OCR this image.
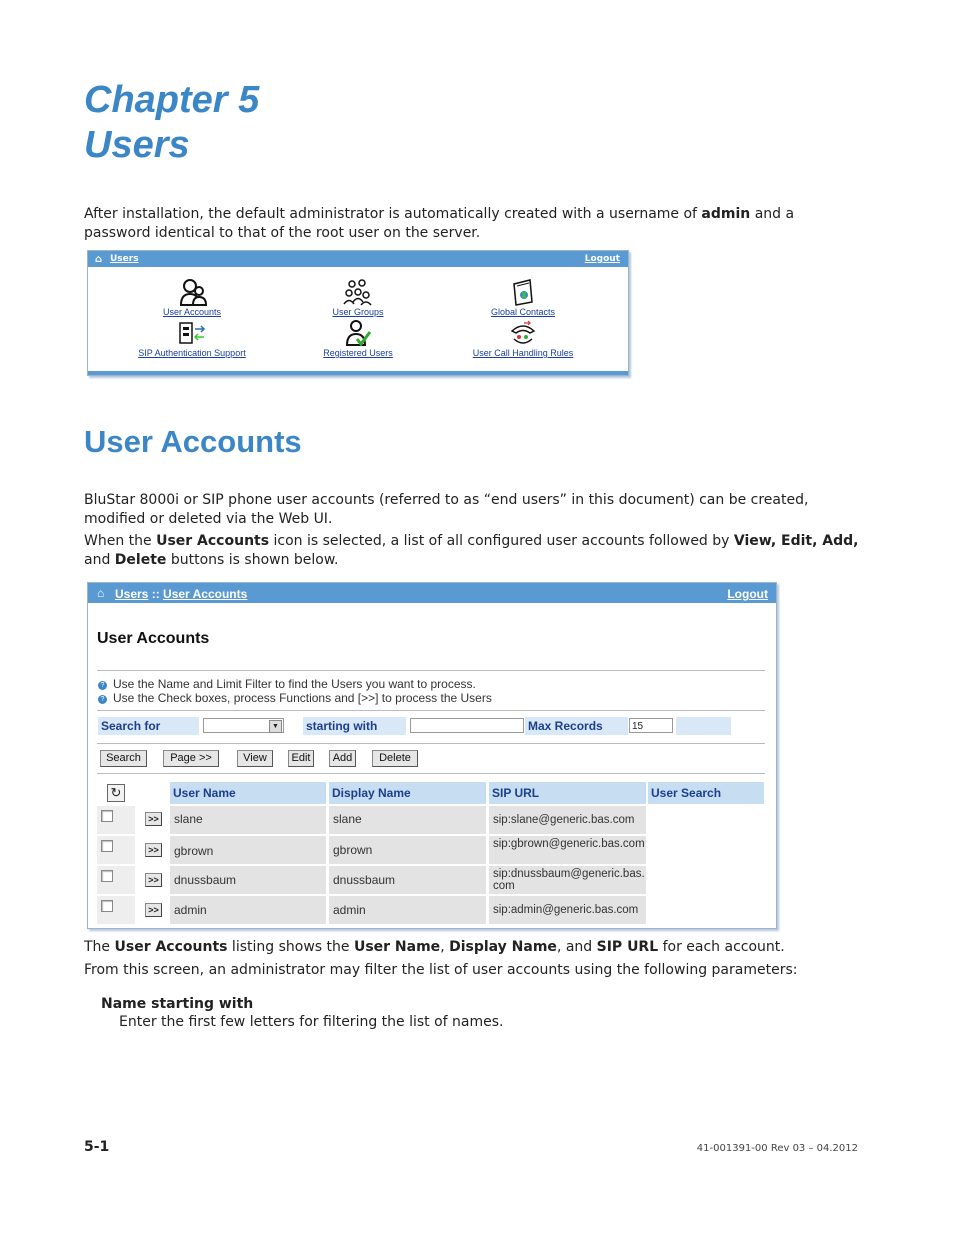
Chapter 5
Users
After installation, the default administrator is automatically created with a username of admin and a password identical to that of the root user on the server.
⌂ Users	Logout
User Accounts	User Groups	Global Contacts
SIP Authentication Support	Registered Users	User Call Handling Rules
User Accounts
BluStar 8000i or SIP phone user accounts (referred to as “end users” in this document) can be created, modified or deleted via the Web UI.
When the User Accounts icon is selected, a list of all configured user accounts followed by View, Edit, Add, and Delete buttons is shown below.
⌂ Users :: User Accounts	Logout
User Accounts
? Use the Name and Limit Filter to find the Users you want to process.
? Use the Check boxes, process Functions and [>>] to process the Users
Search for	▼ starting with	Max Records	15
Search	Page >>	View	Edit	Add	Delete
↻	User Name	Display Name	SIP URL	User Search
>>	slane	slane	sip:slane@generic.bas.com
>>	gbrown	gbrown	sip:gbrown@generic.bas.com
>>	dnussbaum	dnussbaum	sip:dnussbaum@generic.bas.com
>>	admin	admin	sip:admin@generic.bas.com
The User Accounts listing shows the User Name, Display Name, and SIP URL for each account.
From this screen, an administrator may filter the list of user accounts using the following parameters:
Name starting with
Enter the first few letters for filtering the list of names.
5-1	41-001391-00 Rev 03 – 04.2012
